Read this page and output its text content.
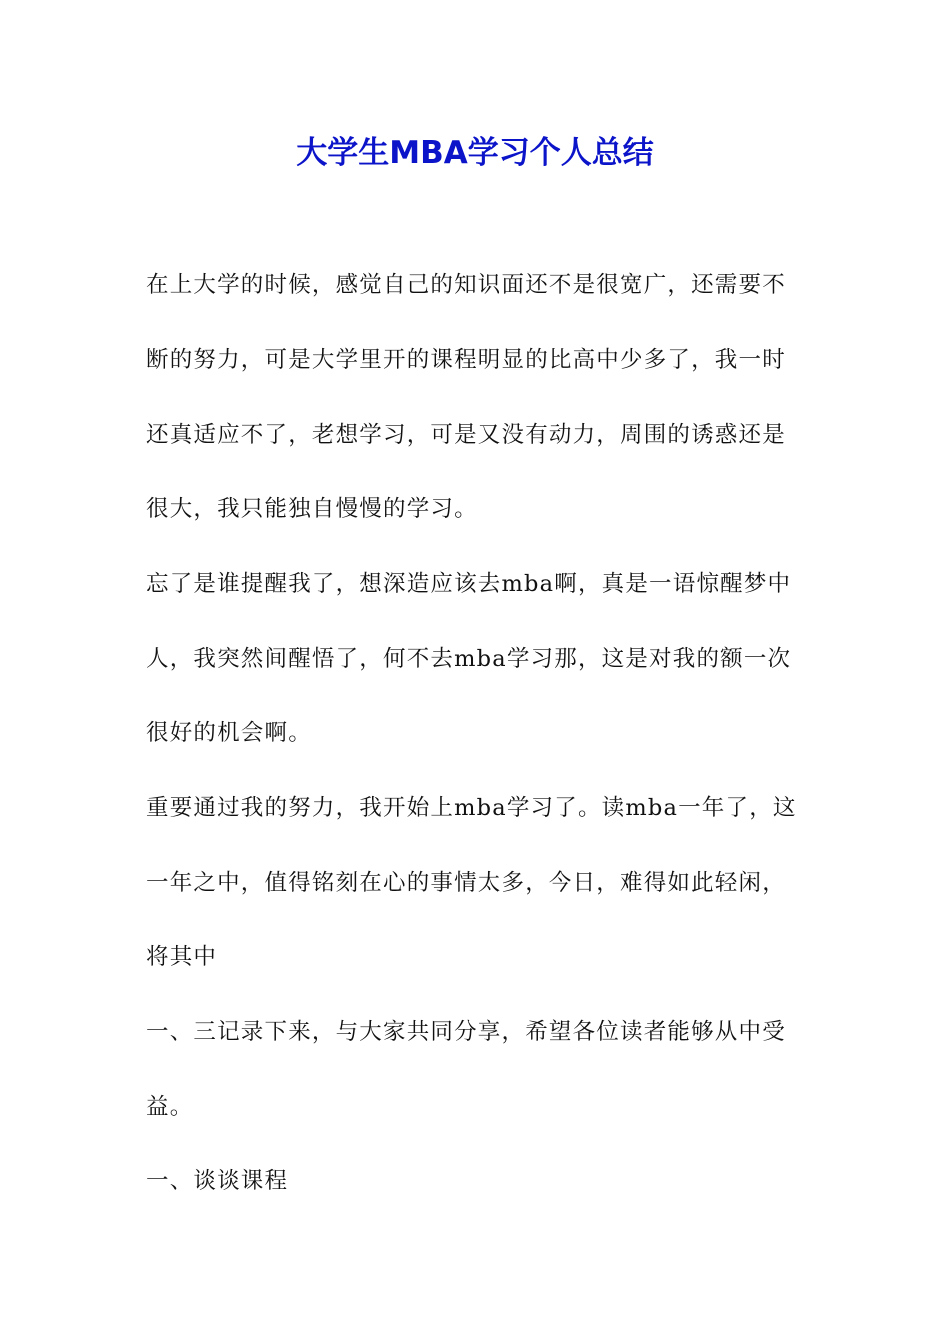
大学生MBA学习个人总结
在上大学的时候，感觉自己的知识面还不是很宽广，还需要不
断的努力，可是大学里开的课程明显的比高中少多了，我一时
还真适应不了，老想学习，可是又没有动力，周围的诱惑还是
很大，我只能独自慢慢的学习。
忘了是谁提醒我了，想深造应该去mba啊，真是一语惊醒梦中
人，我突然间醒悟了，何不去mba学习那，这是对我的额一次
很好的机会啊。
重要通过我的努力，我开始上mba学习了。读mba一年了，这
一年之中，值得铭刻在心的事情太多，今日，难得如此轻闲，
将其中
一、三记录下来，与大家共同分享，希望各位读者能够从中受
益。
一、谈谈课程
